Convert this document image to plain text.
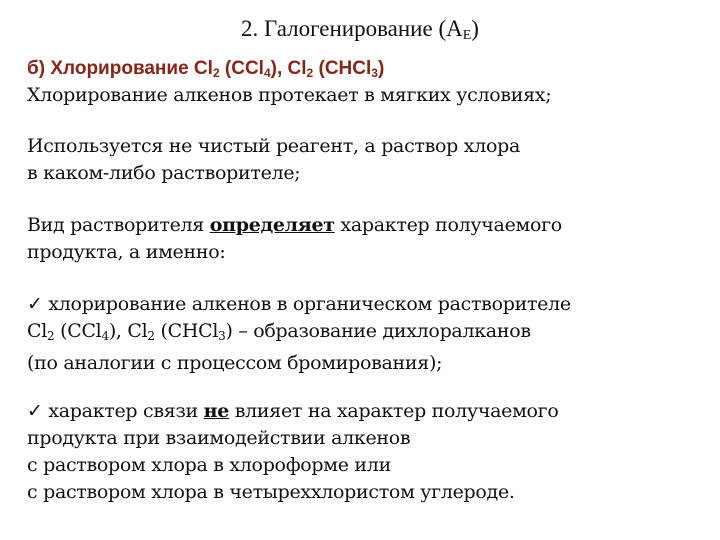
2. Галогенирование $(A_E)$
б) Хлорирование $Cl_2$ (CCl$_4$), $Cl_2$ (CHCl$_3$)
Хлорирование алкенов протекает в мягких условиях;
Используется не чистый реагент, а раствор хлора
в каком-либо растворителе;
Вид растворителя определяет характер получаемого
продукта, а именно:
✓ хлорирование алкенов в органическом растворителе
$Cl_2$ (CCl$_4$), $Cl_2$ (CHCl$_3$) – образование дихлоралканов
(по аналогии с процессом бромирования);
✓ характер связи не влияет на характер получаемого
продукта при взаимодействии алкенов
с раствором хлора в хлороформе или
с раствором хлора в четыреххлористом углероде.
